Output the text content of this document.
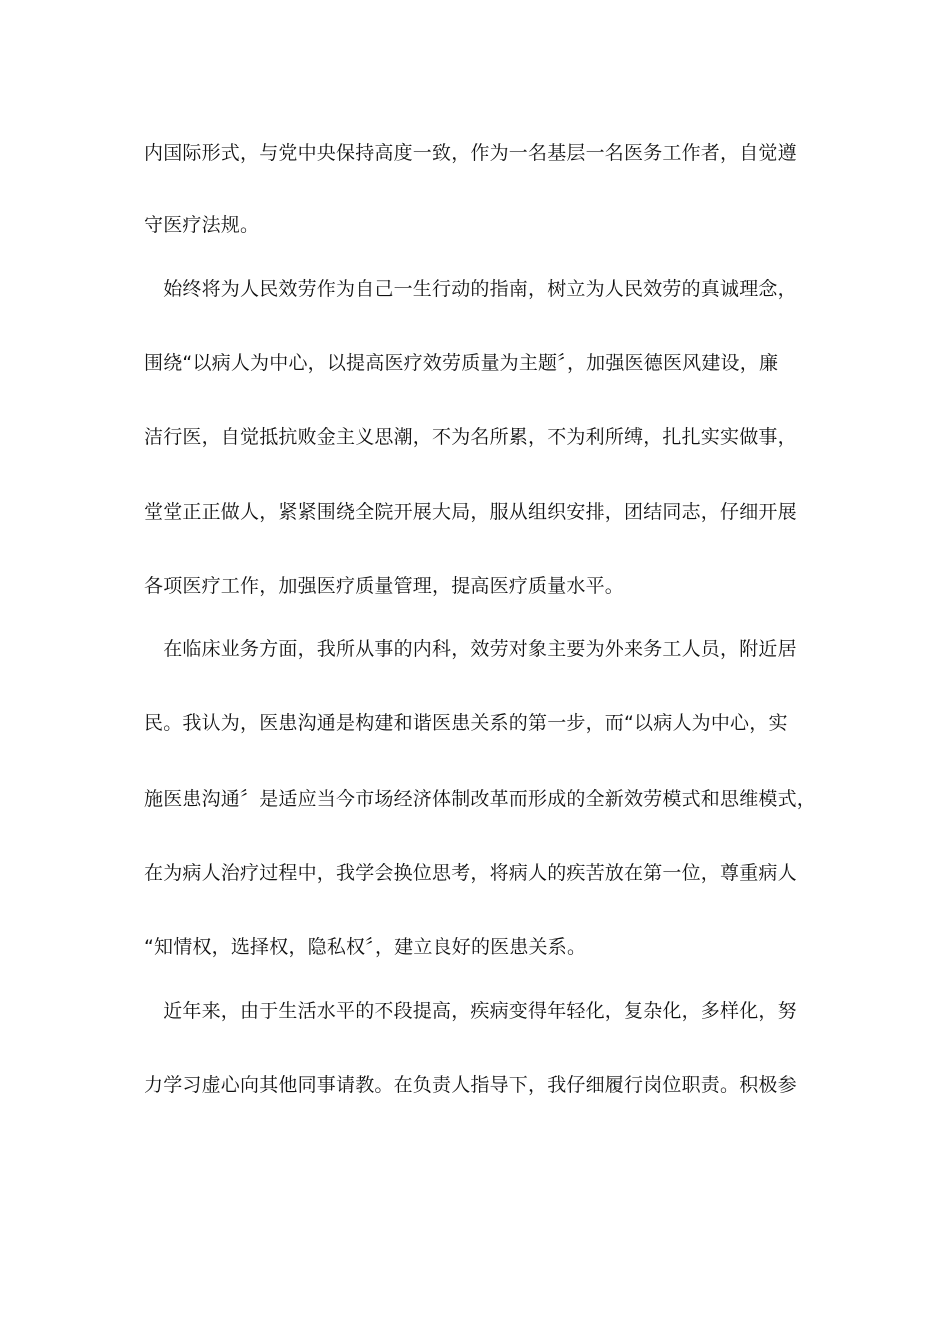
内国际形式，与党中央保持高度一致，作为一名基层一名医务工作者，自觉遵
守医疗法规。
　始终将为人民效劳作为自己一生行动的指南，树立为人民效劳的真诚理念，
围绕“以病人为中心，以提高医疗效劳质量为主题〞，加强医德医风建设，廉
洁行医，自觉抵抗败金主义思潮，不为名所累，不为利所缚，扎扎实实做事，
堂堂正正做人，紧紧围绕全院开展大局，服从组织安排，团结同志，仔细开展
各项医疗工作，加强医疗质量管理，提高医疗质量水平。
　在临床业务方面，我所从事的内科，效劳对象主要为外来务工人员，附近居
民。我认为，医患沟通是构建和谐医患关系的第一步，而“以病人为中心，实
施医患沟通〞是适应当今市场经济体制改革而形成的全新效劳模式和思维模式，
在为病人治疗过程中，我学会换位思考，将病人的疾苦放在第一位，尊重病人
“知情权，选择权，隐私权〞，建立良好的医患关系。
　近年来，由于生活水平的不段提高，疾病变得年轻化，复杂化，多样化，努
力学习虚心向其他同事请教。在负责人指导下，我仔细履行岗位职责。积极参
